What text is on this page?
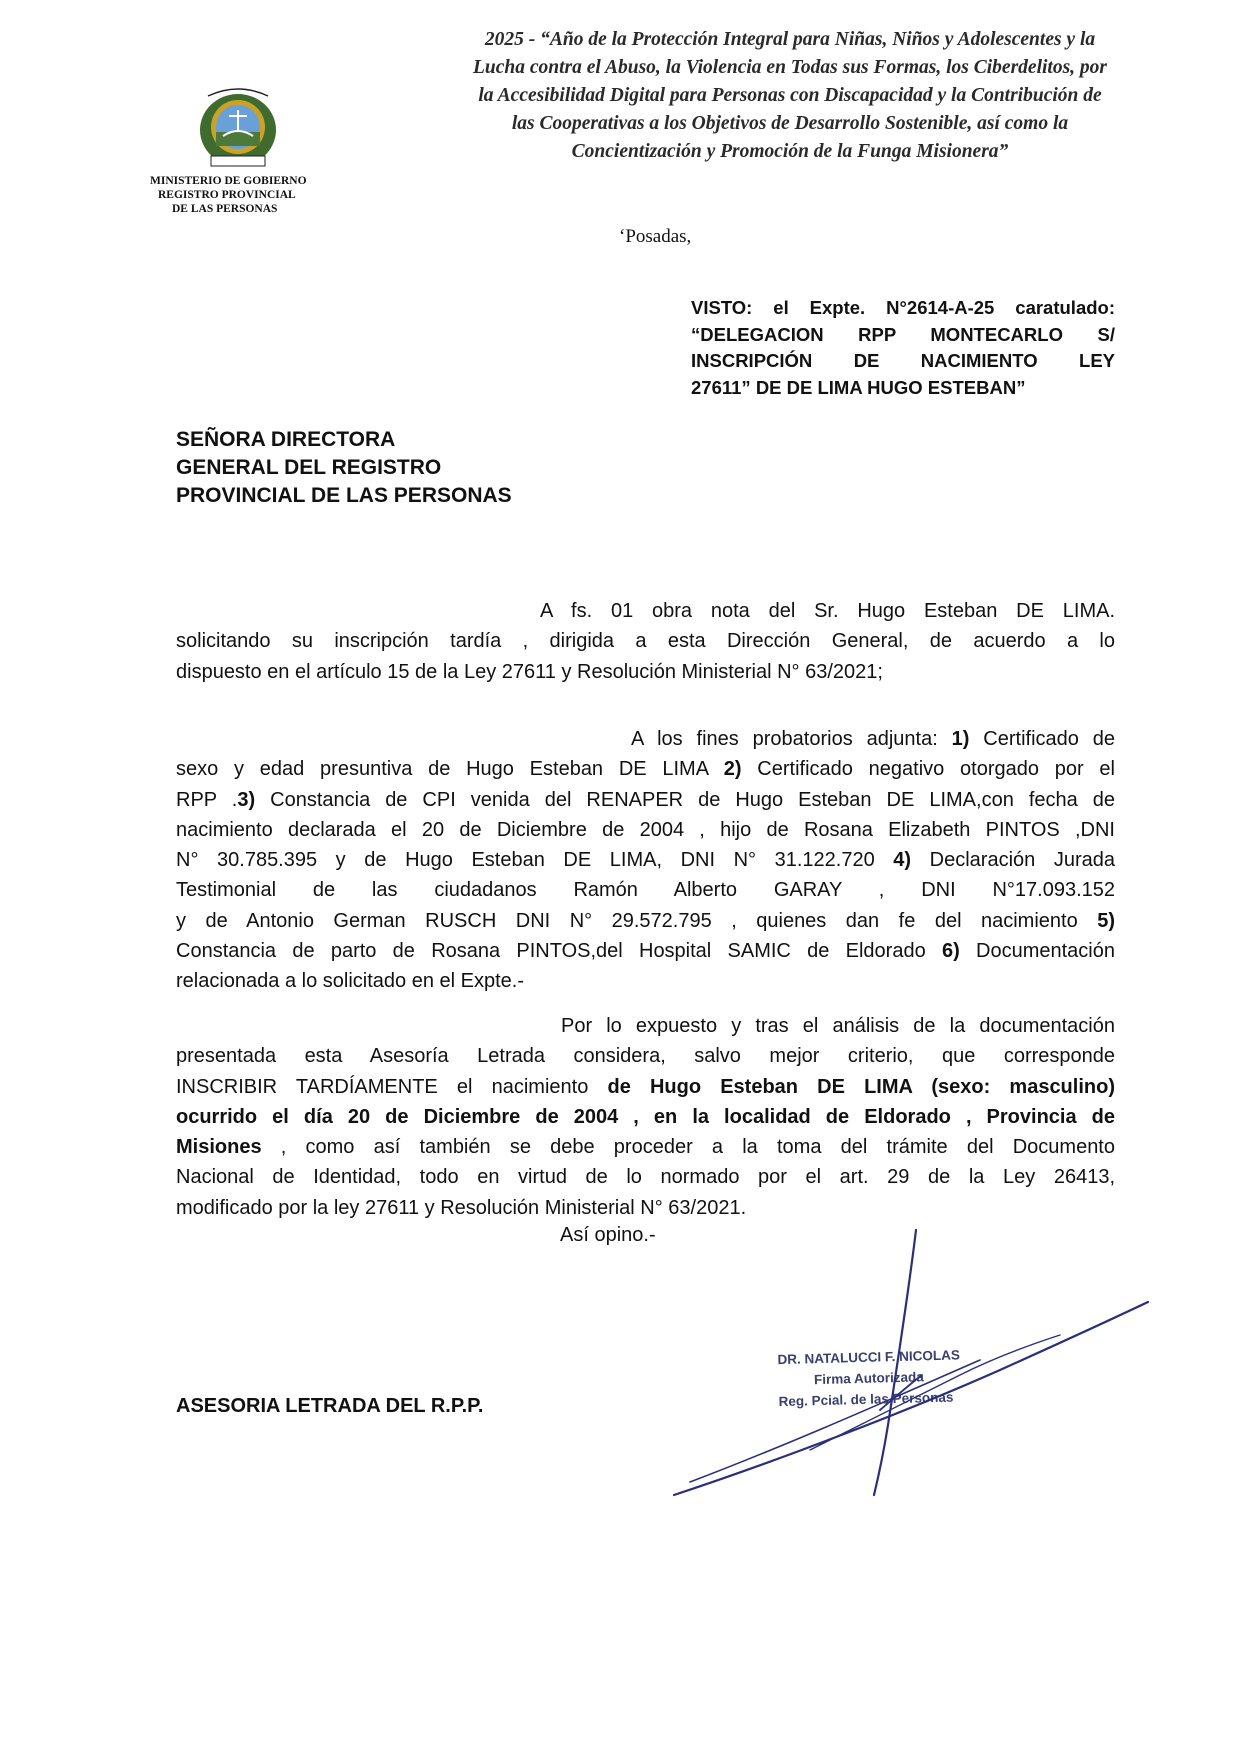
MINISTERIO DE GOBIERNO
REGISTRO PROVINCIAL
DE LAS PERSONAS
2025 - “Año de la Protección Integral para Niñas, Niños y Adolescentes y la
Lucha contra el Abuso, la Violencia en Todas sus Formas, los Ciberdelitos, por
la Accesibilidad Digital para Personas con Discapacidad y la Contribución de
las Cooperativas a los Objetivos de Desarrollo Sostenible, así como la
Concientización y Promoción de la Funga Misionera”
‘Posadas,
VISTO: el Expte. N°2614-A-25 caratulado:
“DELEGACION RPP MONTECARLO S/
INSCRIPCIÓN DE NACIMIENTO LEY
27611” DE DE LIMA HUGO ESTEBAN”
SEÑORA DIRECTORA
GENERAL DEL REGISTRO
PROVINCIAL DE LAS PERSONAS
A fs. 01 obra nota del Sr. Hugo Esteban DE LIMA.
solicitando su inscripción tardía , dirigida a esta Dirección General, de acuerdo a lo
dispuesto en el artículo 15 de la Ley 27611 y Resolución Ministerial N° 63/2021;
A los fines probatorios adjunta: 1) Certificado de
sexo y edad presuntiva de Hugo Esteban DE LIMA 2) Certificado negativo otorgado por el
RPP .3) Constancia de CPI venida del RENAPER de Hugo Esteban DE LIMA,con fecha de
nacimiento declarada el 20 de Diciembre de 2004 , hijo de Rosana Elizabeth PINTOS ,DNI
N° 30.785.395 y de Hugo Esteban DE LIMA, DNI N° 31.122.720 4) Declaración Jurada
Testimonial de las ciudadanos Ramón Alberto GARAY , DNI N°17.093.152
y de Antonio German RUSCH DNI N° 29.572.795 , quienes dan fe del nacimiento 5)
Constancia de parto de Rosana PINTOS,del Hospital SAMIC de Eldorado 6) Documentación
relacionada a lo solicitado en el Expte.-
Por lo expuesto y tras el análisis de la documentación
presentada esta Asesoría Letrada considera, salvo mejor criterio, que corresponde
INSCRIBIR TARDÍAMENTE el nacimiento de Hugo Esteban DE LIMA (sexo: masculino)
ocurrido el día 20 de Diciembre de 2004 , en la localidad de Eldorado , Provincia de
Misiones , como así también se debe proceder a la toma del trámite del Documento
Nacional de Identidad, todo en virtud de lo normado por el art. 29 de la Ley 26413,
modificado por la ley 27611 y Resolución Ministerial N° 63/2021.
Así opino.-
ASESORIA LETRADA DEL R.P.P.
DR. NATALUCCI F. NICOLAS
Firma Autorizada
Reg. Pcial. de las Personas
